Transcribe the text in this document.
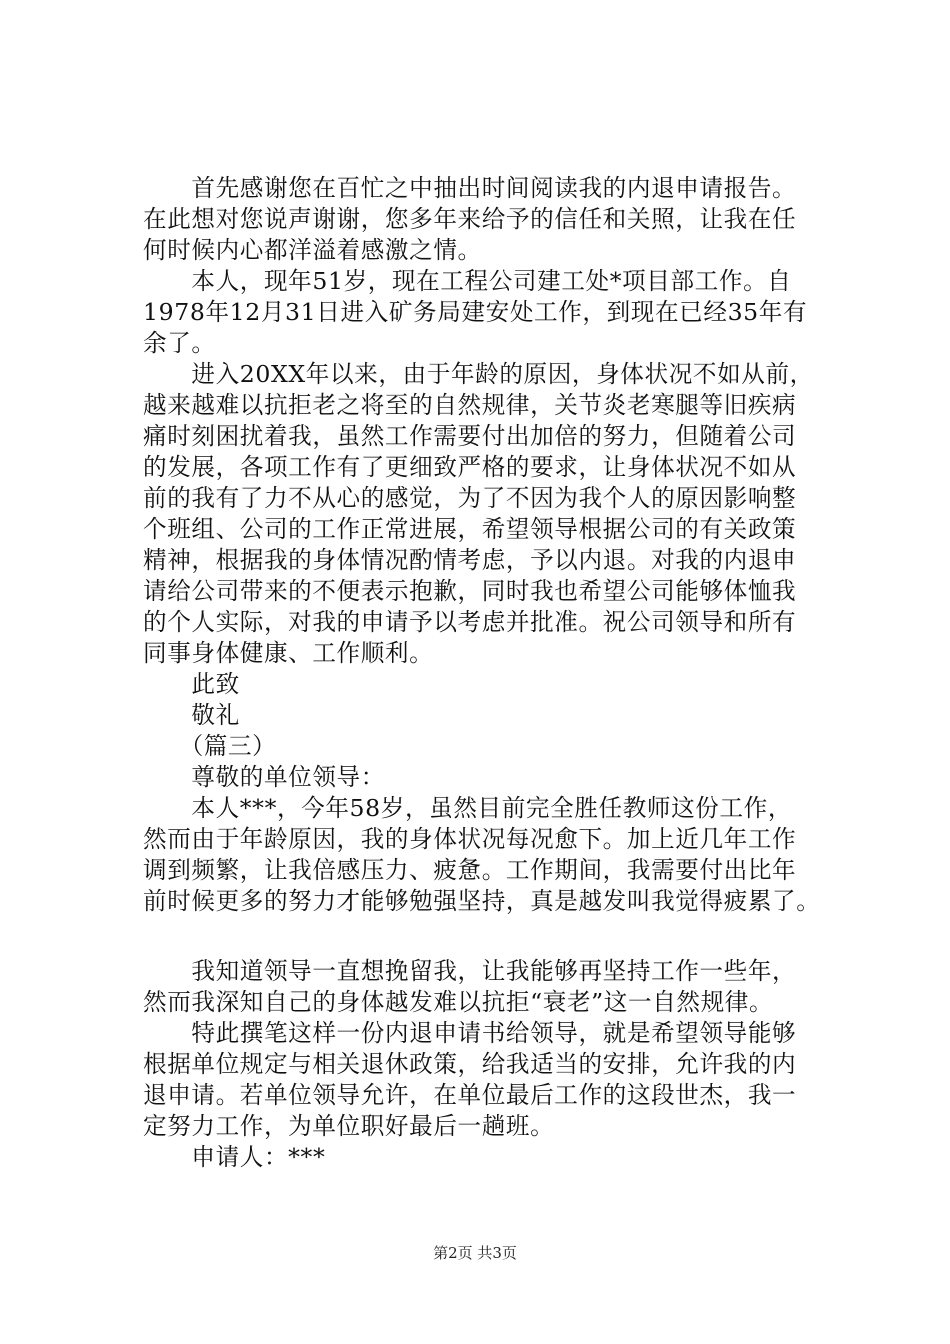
　　首先感谢您在百忙之中抽出时间阅读我的内退申请报告。
在此想对您说声谢谢，您多年来给予的信任和关照，让我在任
何时候内心都洋溢着感激之情。
　　本人，现年51岁，现在工程公司建工处*项目部工作。自
1978年12月31日进入矿务局建安处工作，到现在已经35年有
余了。
　　进入20XX年以来，由于年龄的原因，身体状况不如从前，
越来越难以抗拒老之将至的自然规律，关节炎老寒腿等旧疾病
痛时刻困扰着我，虽然工作需要付出加倍的努力，但随着公司
的发展，各项工作有了更细致严格的要求，让身体状况不如从
前的我有了力不从心的感觉，为了不因为我个人的原因影响整
个班组、公司的工作正常进展，希望领导根据公司的有关政策
精神，根据我的身体情况酌情考虑，予以内退。对我的内退申
请给公司带来的不便表示抱歉，同时我也希望公司能够体恤我
的个人实际，对我的申请予以考虑并批准。祝公司领导和所有
同事身体健康、工作顺利。
　　此致
　　敬礼
　　（篇三）
　　尊敬的单位领导：
　　本人***，今年58岁，虽然目前完全胜任教师这份工作，
然而由于年龄原因，我的身体状况每况愈下。加上近几年工作
调到频繁，让我倍感压力、疲惫。工作期间，我需要付出比年
前时候更多的努力才能够勉强坚持，真是越发叫我觉得疲累了。
　　我知道领导一直想挽留我，让我能够再坚持工作一些年，
然而我深知自己的身体越发难以抗拒“衰老”这一自然规律。
　　特此撰笔这样一份内退申请书给领导，就是希望领导能够
根据单位规定与相关退休政策，给我适当的安排，允许我的内
退申请。若单位领导允许，在单位最后工作的这段世杰，我一
定努力工作，为单位职好最后一趟班。
　　申请人：***
第2页 共3页
